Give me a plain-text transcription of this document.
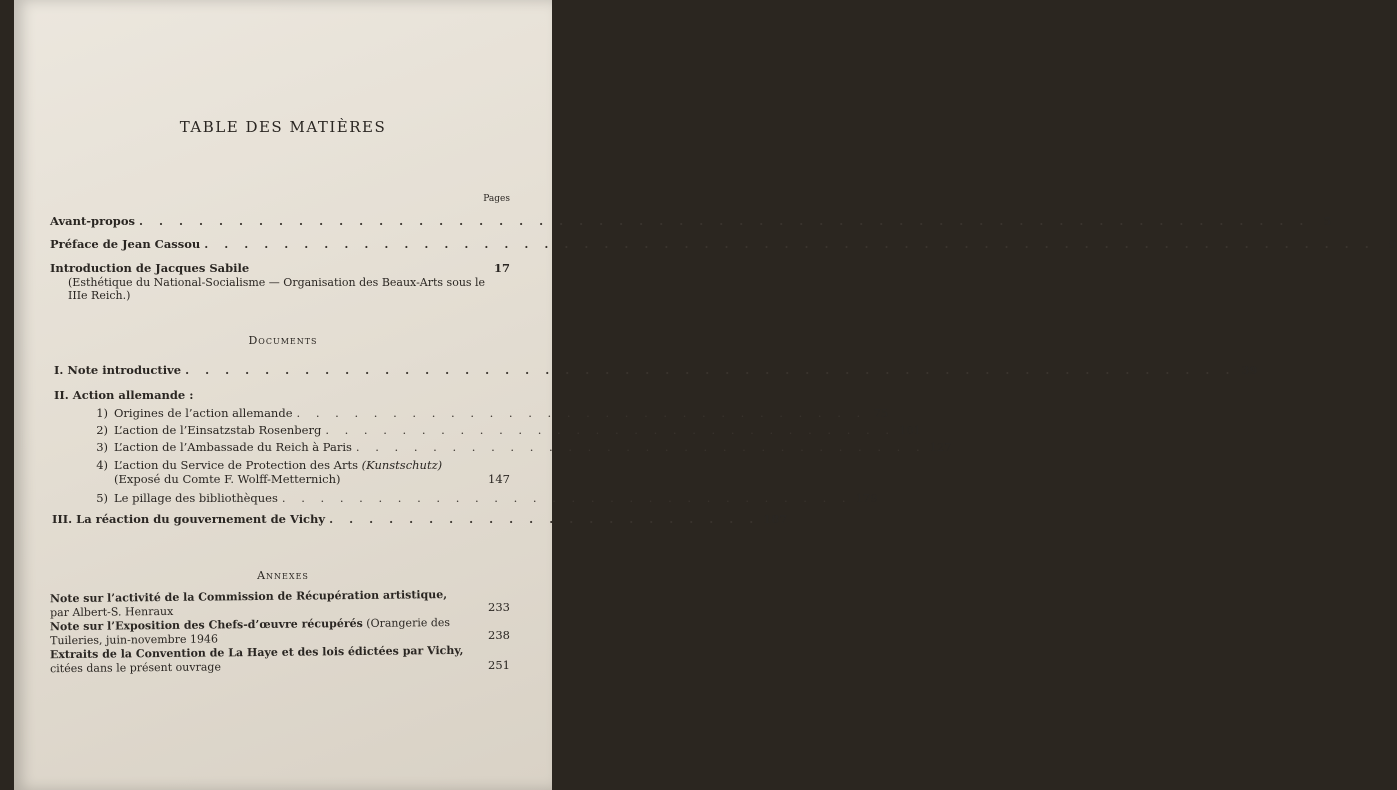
TABLE DES MATIÈRES
Pages
Avant-propos . . . . . . . . . . . . . . . . . . . . . . . . . . . . . . . . . . . . . . . . . . . . . . . . . . . . . . . . . . .	5
Préface de Jean Cassou . . . . . . . . . . . . . . . . . . . . . . . . . . . . . . . . . . . . . . . . . . . . . . . . . . . . . . . . . . .	9
Introduction de Jacques Sabile	17
(Esthétique du National-Socialisme — Organisation des Beaux-Arts sous le IIIe Reich.)
Documents
I. Note introductive . . . . . . . . . . . . . . . . . . . . . . . . . . . . . . . . . . . . . . . . . . . . . . . . . . . . . 39
II. Action allemande :
1) Origines de l’action allemande . . . . . . . . . . . . . . . . . . . . . . . . . . . . . . 75
2) L’action de l’Einsatzstab Rosenberg . . . . . . . . . . . . . . . . . . . . . . . . . . . . . . 101
3) L’action de l’Ambassade du Reich à Paris . . . . . . . . . . . . . . . . . . . . . . . . . . . . . . 127
4) L’action du Service de Protection des Arts (Kunstschutz)
(Exposé du Comte F. Wolff-Metternich)	147
5) Le pillage des bibliothèques . . . . . . . . . . . . . . . . . . . . . . . . . . . . . . 179
III. La réaction du gouvernement de Vichy . . . . . . . . . . . . . . . . . . . . . . 187
Annexes
Note sur l’activité de la Commission de Récupération artistique, par Albert-S. Henraux	233
Note sur l’Exposition des Chefs-d’œuvre récupérés (Orangerie des Tuileries, juin-novembre 1946	238
Extraits de la Convention de La Haye et des lois édictées par Vichy, citées dans le présent ouvrage	251
